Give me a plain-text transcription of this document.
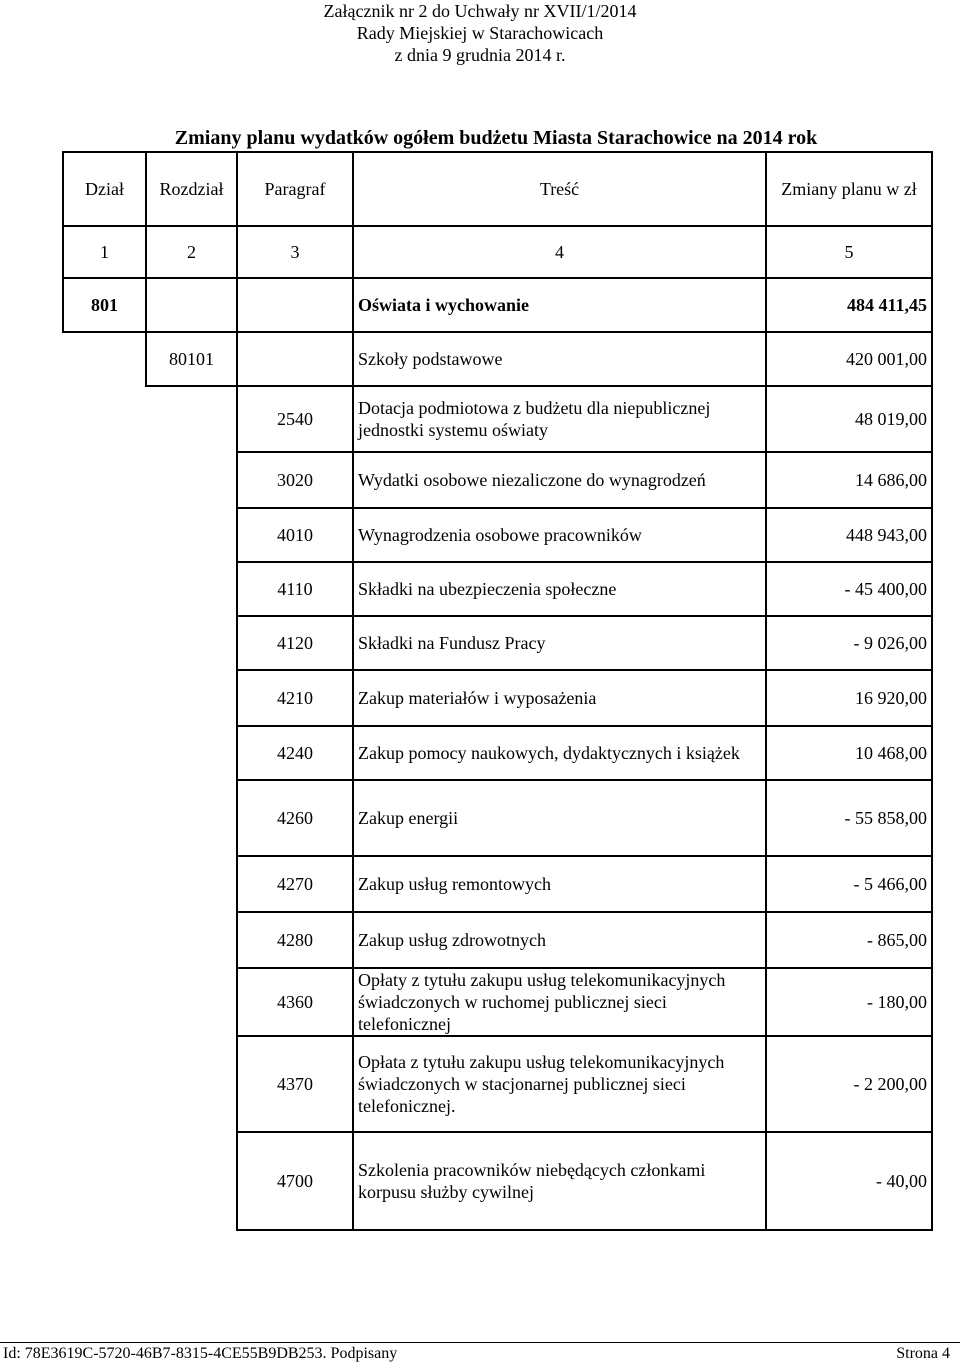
Załącznik nr 2 do Uchwały nr XVII/1/2014
Rady Miejskiej w Starachowicach
z dnia 9 grudnia 2014 r.
Zmiany planu wydatków ogółem budżetu Miasta Starachowice na 2014 rok
Dział	Rozdział	Paragraf	Treść	Zmiany planu w zł
1	2	3	4	5
801			Oświata i wychowanie	484 411,45
	80101		Szkoły podstawowe	420 001,00
		2540	Dotacja podmiotowa z budżetu dla niepublicznej jednostki systemu oświaty	48 019,00
		3020	Wydatki osobowe niezaliczone do wynagrodzeń	14 686,00
		4010	Wynagrodzenia osobowe pracowników	448 943,00
		4110	Składki na ubezpieczenia społeczne	- 45 400,00
		4120	Składki na Fundusz Pracy	- 9 026,00
		4210	Zakup materiałów i wyposażenia	16 920,00
		4240	Zakup pomocy naukowych, dydaktycznych i książek	10 468,00
		4260	Zakup energii	- 55 858,00
		4270	Zakup usług remontowych	- 5 466,00
		4280	Zakup usług zdrowotnych	- 865,00
		4360	Opłaty z tytułu zakupu usług telekomunikacyjnych świadczonych w ruchomej publicznej sieci telefonicznej	- 180,00
		4370	Opłata z tytułu zakupu usług telekomunikacyjnych świadczonych w stacjonarnej publicznej sieci telefonicznej.	- 2 200,00
		4700	Szkolenia pracowników niebędących członkami korpusu służby cywilnej	- 40,00
Id: 78E3619C-5720-46B7-8315-4CE55B9DB253. Podpisany	Strona 4
